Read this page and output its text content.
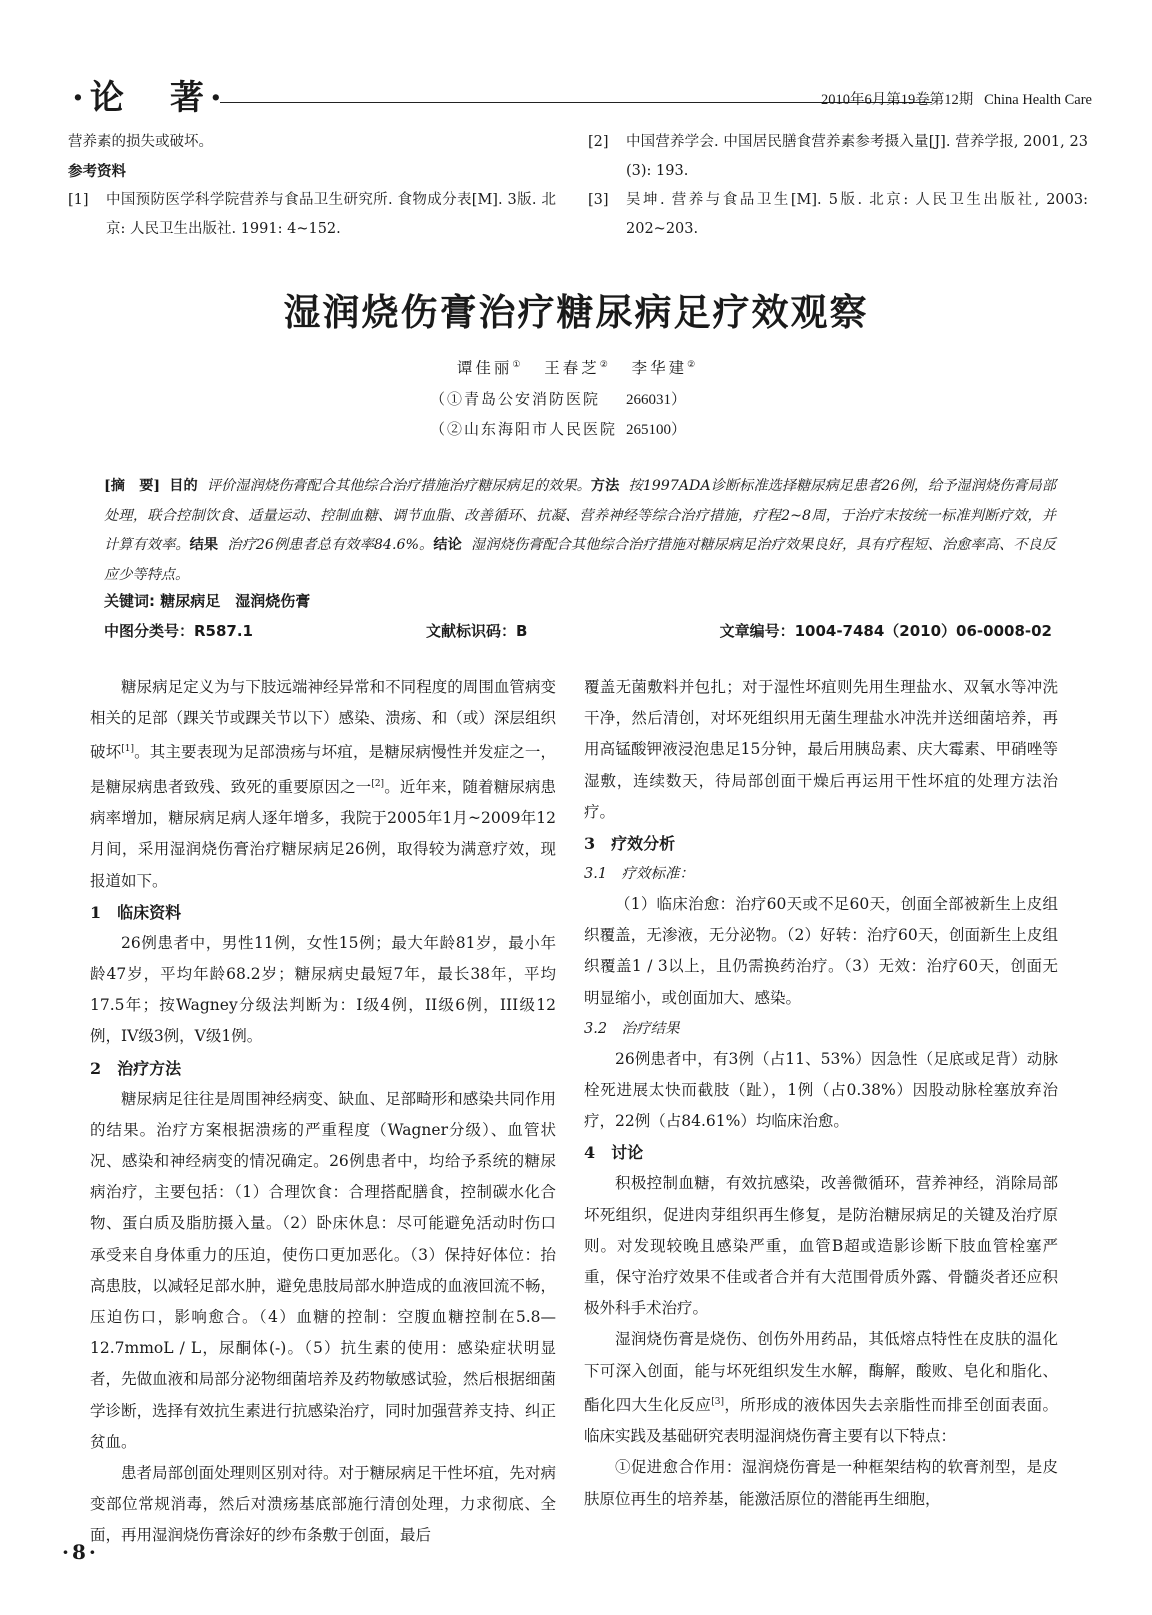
·论　著·	2010年6月第19卷第12期 China Health Care
营养素的损失或破坏。
参考资料
[1]	中国预防医学科学院营养与食品卫生研究所. 食物成分表[M]. 3版. 北京: 人民卫生出版社. 1991: 4~152.
[2]	中国营养学会. 中国居民膳食营养素参考摄入量[J]. 营养学报, 2001, 23 (3): 193.
[3]	吴坤. 营养与食品卫生[M]. 5版. 北京: 人民卫生出版社, 2003: 202~203.
湿润烧伤膏治疗糖尿病足疗效观察
谭佳丽① 王春芝② 李华建②
（①青岛公安消防医院 266031）
（②山东海阳市人民医院 265100）
[摘　要] 目的 评价湿润烧伤膏配合其他综合治疗措施治疗糖尿病足的效果。方法 按1997ADA诊断标准选择糖尿病足患者26例，给予湿润烧伤膏局部处理，联合控制饮食、适量运动、控制血糖、调节血脂、改善循环、抗凝、营养神经等综合治疗措施，疗程2~8周，于治疗末按统一标准判断疗效，并计算有效率。结果 治疗26例患者总有效率84.6%。结论 湿润烧伤膏配合其他综合治疗措施对糖尿病足治疗效果良好，具有疗程短、治愈率高、不良反应少等特点。
关键词: 糖尿病足　湿润烧伤膏
中图分类号：R587.1	文献标识码：B	文章编号：1004-7484（2010）06-0008-02

糖尿病足定义为与下肢远端神经异常和不同程度的周围血管病变相关的足部（踝关节或踝关节以下）感染、溃疡、和（或）深层组织破坏[1]。其主要表现为足部溃疡与坏疽，是糖尿病慢性并发症之一，是糖尿病患者致残、致死的重要原因之一[2]。近年来，随着糖尿病患病率增加，糖尿病足病人逐年增多，我院于2005年1月~2009年12月间，采用湿润烧伤膏治疗糖尿病足26例，取得较为满意疗效，现报道如下。

1　临床资料

26例患者中，男性11例，女性15例；最大年龄81岁，最小年龄47岁，平均年龄68.2岁；糖尿病史最短7年，最长38年，平均17.5年；按Wagney分级法判断为：I级4例，II级6例，III级12例，IV级3例，V级1例。

2　治疗方法

糖尿病足往往是周围神经病变、缺血、足部畸形和感染共同作用的结果。治疗方案根据溃疡的严重程度（Wagner分级）、血管状况、感染和神经病变的情况确定。26例患者中，均给予系统的糖尿病治疗，主要包括：（1）合理饮食：合理搭配膳食，控制碳水化合物、蛋白质及脂肪摄入量。（2）卧床休息：尽可能避免活动时伤口承受来自身体重力的压迫，使伤口更加恶化。（3）保持好体位：抬高患肢，以减轻足部水肿，避免患肢局部水肿造成的血液回流不畅，压迫伤口，影响愈合。（4）血糖的控制：空腹血糖控制在5.8—12.7mmoL / L，尿酮体(-)。（5）抗生素的使用：感染症状明显者，先做血液和局部分泌物细菌培养及药物敏感试验，然后根据细菌学诊断，选择有效抗生素进行抗感染治疗，同时加强营养支持、纠正贫血。

患者局部创面处理则区别对待。对于糖尿病足干性坏疽，先对病变部位常规消毒，然后对溃疡基底部施行清创处理，力求彻底、全面，再用湿润烧伤膏涂好的纱布条敷于创面，最后

覆盖无菌敷料并包扎；对于湿性坏疽则先用生理盐水、双氧水等冲洗干净，然后清创，对坏死组织用无菌生理盐水冲洗并送细菌培养，再用高锰酸钾液浸泡患足15分钟，最后用胰岛素、庆大霉素、甲硝唑等湿敷，连续数天，待局部创面干燥后再运用干性坏疽的处理方法治疗。

3　疗效分析
3.1　疗效标准：

（1）临床治愈：治疗60天或不足60天，创面全部被新生上皮组织覆盖，无渗液，无分泌物。（2）好转：治疗60天，创面新生上皮组织覆盖1 / 3以上，且仍需换药治疗。（3）无效：治疗60天，创面无明显缩小，或创面加大、感染。

3.2　治疗结果

26例患者中，有3例（占11、53%）因急性（足底或足背）动脉栓死进展太快而截肢（趾），1例（占0.38%）因股动脉栓塞放弃治疗，22例（占84.61%）均临床治愈。

4　讨论

积极控制血糖，有效抗感染，改善微循环，营养神经，消除局部坏死组织，促进肉芽组织再生修复，是防治糖尿病足的关键及治疗原则。对发现较晚且感染严重，血管B超或造影诊断下肢血管栓塞严重，保守治疗效果不佳或者合并有大范围骨质外露、骨髓炎者还应积极外科手术治疗。

湿润烧伤膏是烧伤、创伤外用药品，其低熔点特性在皮肤的温化下可深入创面，能与坏死组织发生水解，酶解，酸败、皂化和脂化、酯化四大生化反应[3]，所形成的液体因失去亲脂性而排至创面表面。临床实践及基础研究表明湿润烧伤膏主要有以下特点：

①促进愈合作用：湿润烧伤膏是一种框架结构的软膏剂型，是皮肤原位再生的培养基，能激活原位的潜能再生细胞，

·8·
